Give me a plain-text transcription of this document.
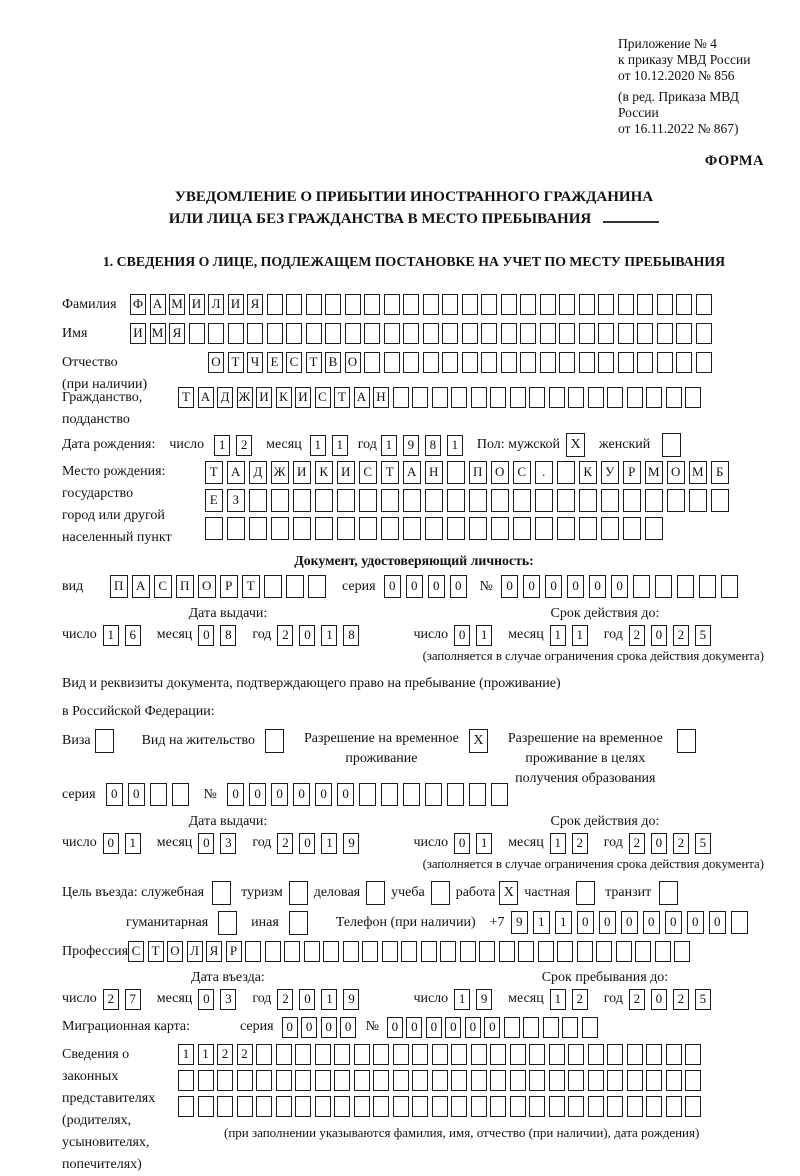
Приложение № 4
к приказу МВД России
от 10.12.2020 № 856
(в ред. Приказа МВД России
от 16.11.2022 № 867)
ФОРМА
УВЕДОМЛЕНИЕ О ПРИБЫТИИ ИНОСТРАННОГО ГРАЖДАНИНА
ИЛИ ЛИЦА БЕЗ ГРАЖДАНСТВА В МЕСТО ПРЕБЫВАНИЯ
1. СВЕДЕНИЯ О ЛИЦЕ, ПОДЛЕЖАЩЕМ ПОСТАНОВКЕ НА УЧЕТ ПО МЕСТУ ПРЕБЫВАНИЯ
Фамилия	Ф А М И Л И Я
Имя	И М Я
Отчество
(при наличии)
О Т Ч Е С Т В О
Гражданство,
подданство
Т А Д Ж И К И С Т А Н
Дата рождения: число	1	2	месяц 1	1	год 1	9	8	1	Пол: мужской X	женский
Место рождения:
государство
город или другой
населенный пункт
Т	А Д Ж И К И С	Т	А Н	П О С	.	К	У	Р М О М Б
Е	З
Документ, удостоверяющий личность:
вид	П А С П О	Р	Т	серия	0	0	0	0	№	0	0	0	0	0	0
Дата выдачи:	Срок действия до:
число 1	6	месяц 0	8	год 2	0	1	8	число 0	1	месяц 1	1	год 2	0	2	5
(заполняется в случае ограничения срока действия документа)
Вид и реквизиты документа, подтверждающего право на пребывание (проживание)
в Российской Федерации:
Виза	Вид на жительство	Разрешение на временное
проживание
X	Разрешение на временное
проживание в целях
получения образования
серия	0	0	№	0	0	0	0	0	0
Дата выдачи:	Срок действия до:
число 0	1	месяц 0	3	год 2	0	1	9	число 0	1	месяц 1	2	год 2	0	2	5
(заполняется в случае ограничения срока действия документа)
Цель въезда: служебная	туризм деловая учеба работа X частная	транзит
гуманитарная	иная	Телефон (при наличии) +7 9	1	1	0	0	0	0	0	0	0
Профессия С Т О Л Я Р
Дата въезда:	Срок пребывания до:
число 2	7	месяц 0	3	год 2	0	1	9	число 1	9	месяц 1	2	год 2	0	2	5
Миграционная карта:	серия 0	0	0	0	№ 0	0	0	0	0	0
Сведения о
законных
представителях
(родителях,
усыновителях,
попечителях)
1	1	2	2
(при заполнении указываются фамилия, имя, отчество (при наличии), дата рождения)
